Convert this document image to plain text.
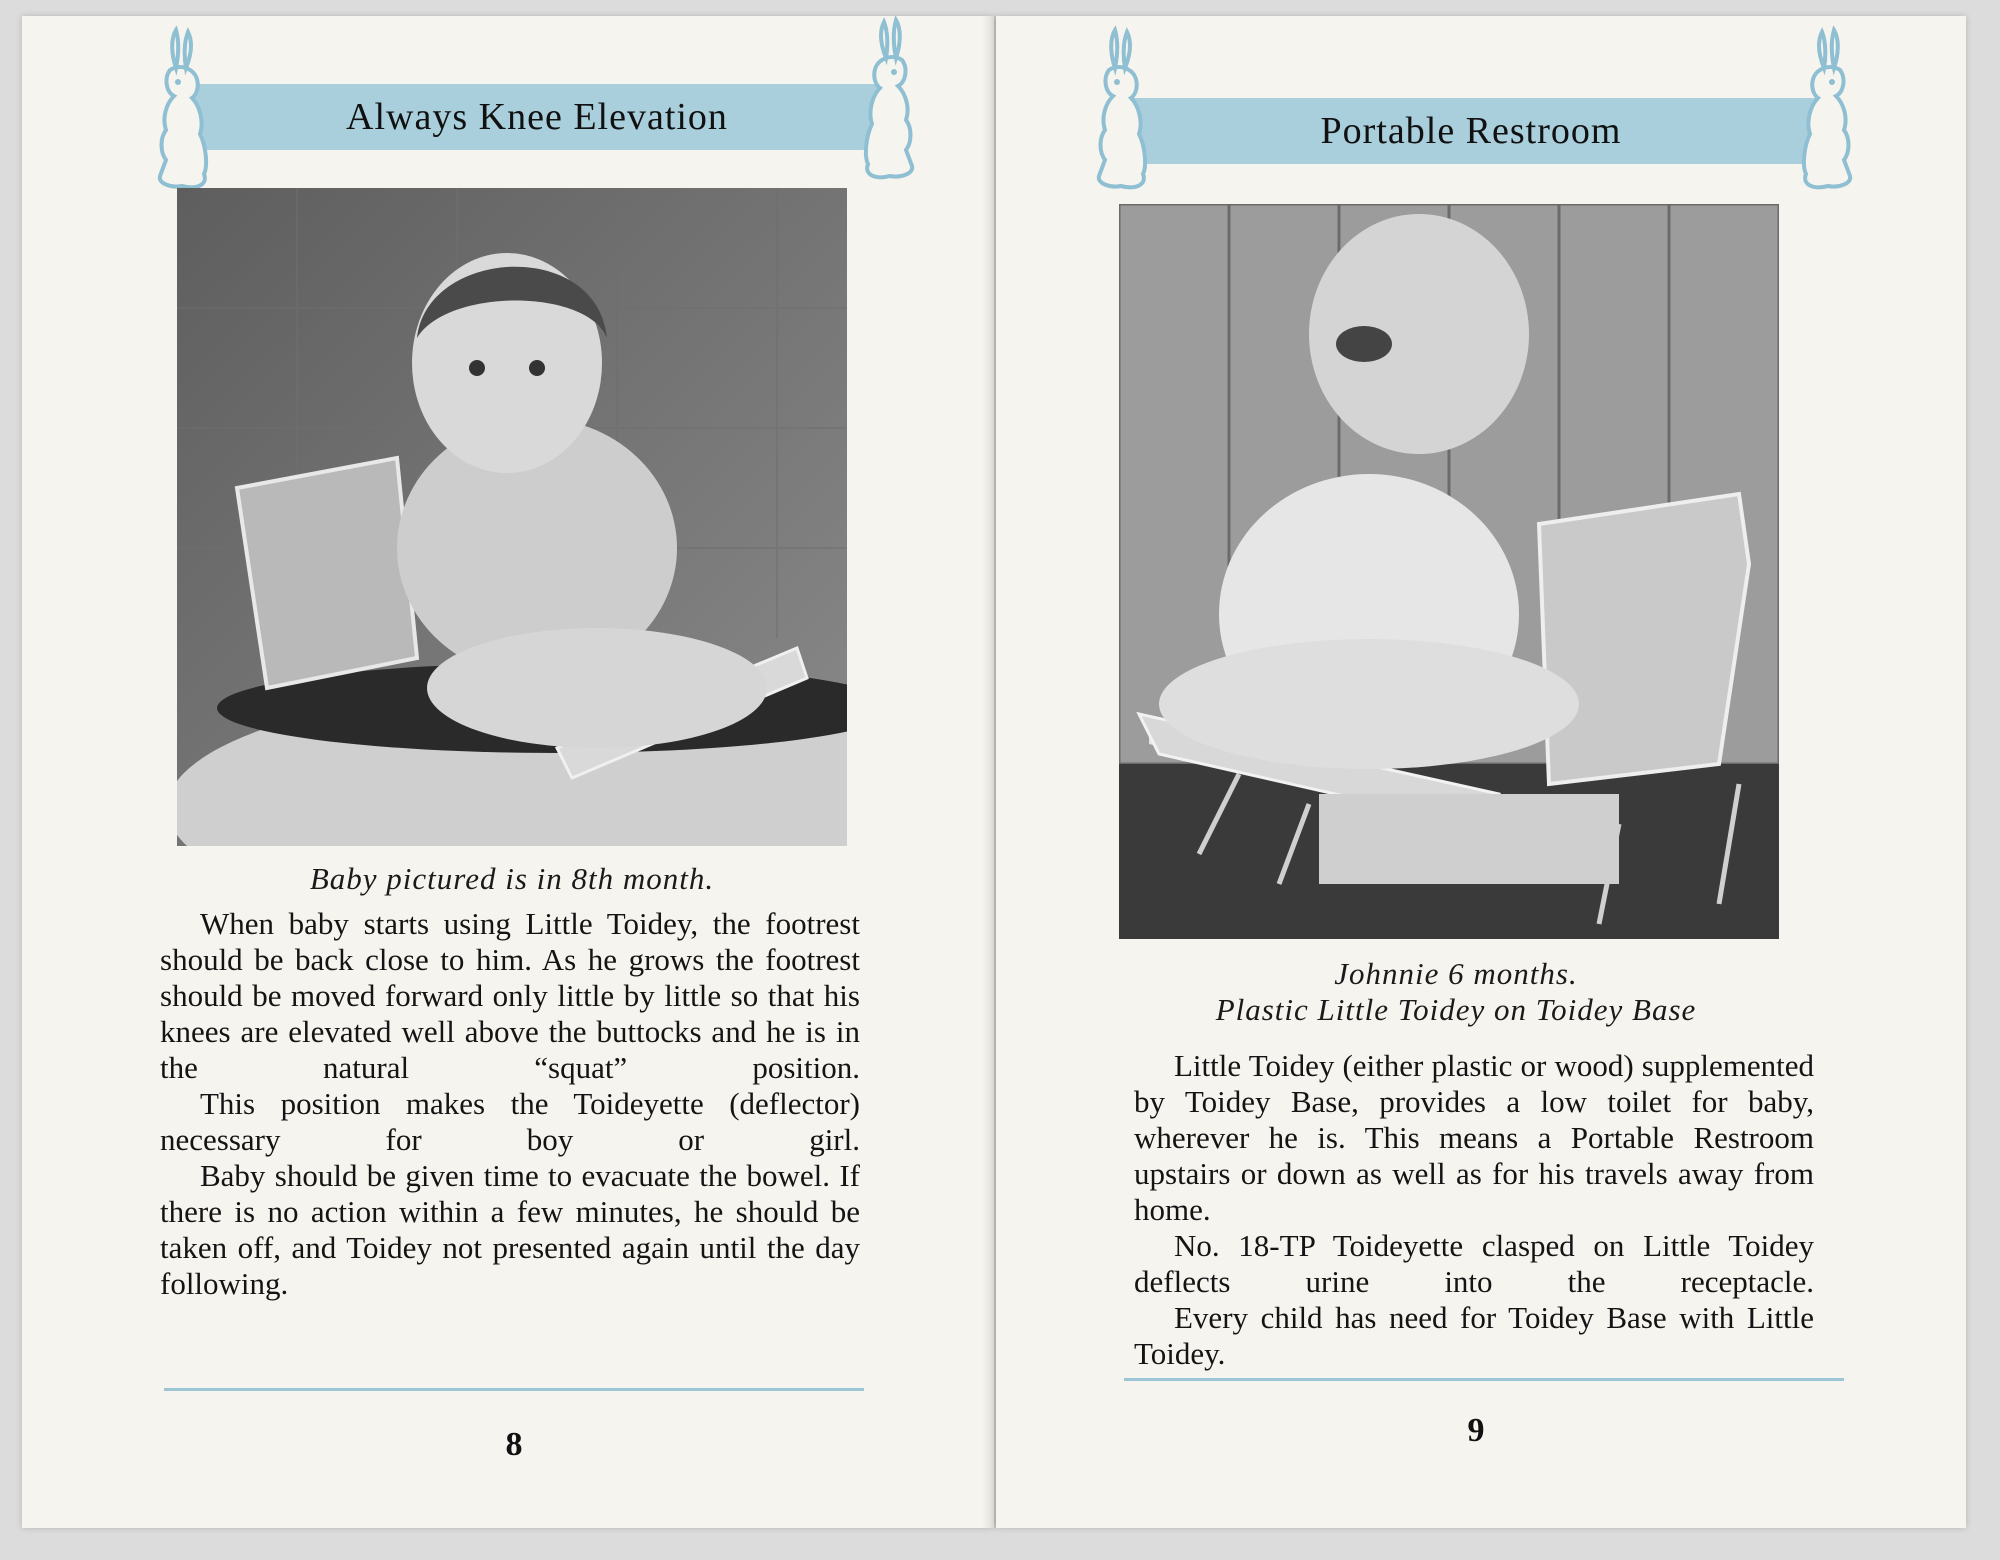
Always Knee Elevation
Baby pictured is in 8th month.

When baby starts using Little Toidey, the footrest should be back close to him. As he grows the footrest should be moved forward only little by little so that his knees are elevated well above the buttocks and he is in the natural “squat” position.

This position makes the Toideyette (deflector) necessary for boy or girl.

Baby should be given time to evacuate the bowel. If there is no action within a few minutes, he should be taken off, and Toidey not presented again until the day following.

8
Portable Restroom
Johnnie 6 months.
Plastic Little Toidey on Toidey Base

Little Toidey (either plastic or wood) supplemented by Toidey Base, provides a low toilet for baby, wherever he is. This means a Portable Restroom upstairs or down as well as for his travels away from home.

No. 18-TP Toideyette clasped on Little Toidey deflects urine into the receptacle.

Every child has need for Toidey Base with Little Toidey.

9
